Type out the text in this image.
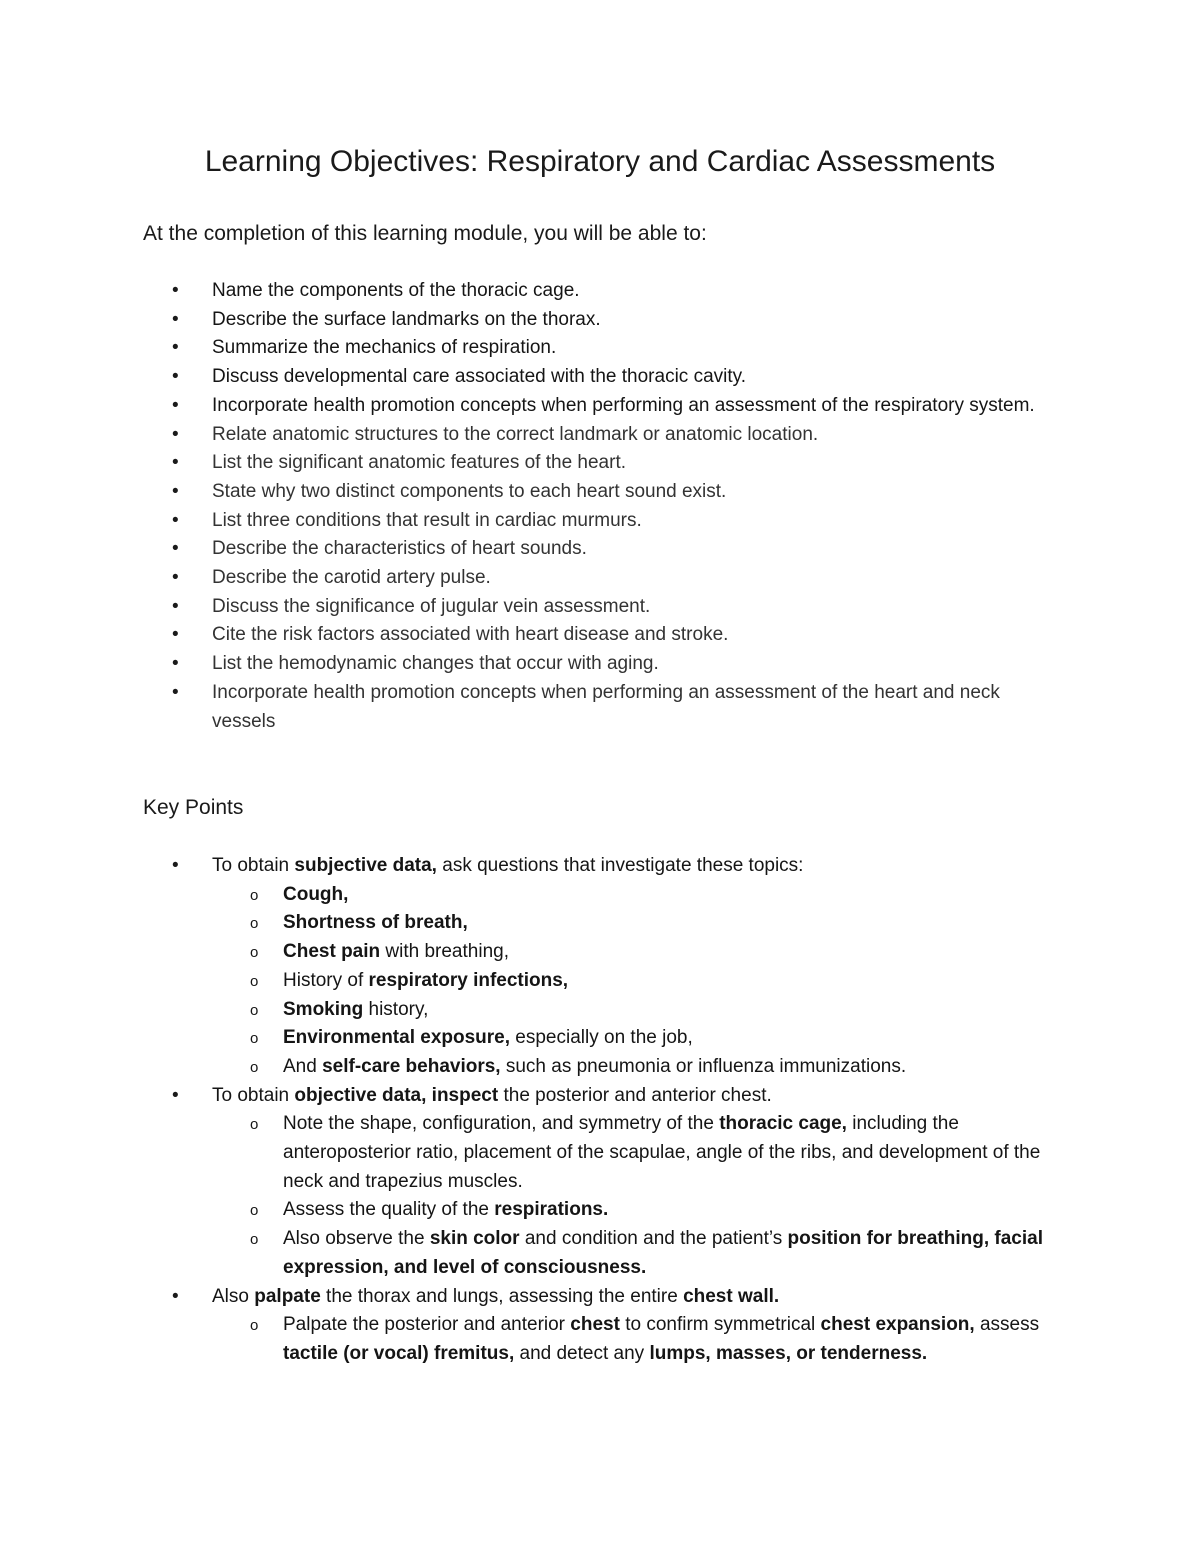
Learning Objectives: Respiratory and Cardiac Assessments
At the completion of this learning module, you will be able to:
• Name the components of the thoracic cage.
• Describe the surface landmarks on the thorax.
• Summarize the mechanics of respiration.
• Discuss developmental care associated with the thoracic cavity.
• Incorporate health promotion concepts when performing an assessment of the respiratory system.
• Relate anatomic structures to the correct landmark or anatomic location.
• List the significant anatomic features of the heart.
• State why two distinct components to each heart sound exist.
• List three conditions that result in cardiac murmurs.
• Describe the characteristics of heart sounds.
• Describe the carotid artery pulse.
• Discuss the significance of jugular vein assessment.
• Cite the risk factors associated with heart disease and stroke.
• List the hemodynamic changes that occur with aging.
• Incorporate health promotion concepts when performing an assessment of the heart and neck vessels
Key Points
• To obtain subjective data, ask questions that investigate these topics:
o Cough,
o Shortness of breath,
o Chest pain with breathing,
o History of respiratory infections,
o Smoking history,
o Environmental exposure, especially on the job,
o And self-care behaviors, such as pneumonia or influenza immunizations.
• To obtain objective data, inspect the posterior and anterior chest.
o Note the shape, configuration, and symmetry of the thoracic cage, including the anteroposterior ratio, placement of the scapulae, angle of the ribs, and development of the neck and trapezius muscles.
o Assess the quality of the respirations.
o Also observe the skin color and condition and the patient’s position for breathing, facial expression, and level of consciousness.
• Also palpate the thorax and lungs, assessing the entire chest wall.
o Palpate the posterior and anterior chest to confirm symmetrical chest expansion, assess tactile (or vocal) fremitus, and detect any lumps, masses, or tenderness.
